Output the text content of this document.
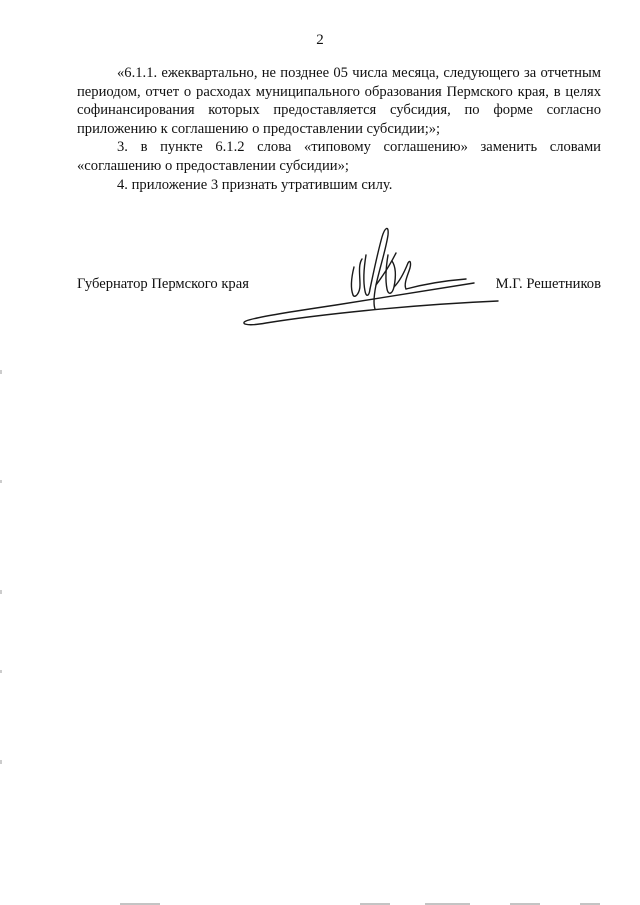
2

«6.1.1. ежеквартально, не позднее 05 числа месяца, следующего за отчетным периодом, отчет о расходах муниципального образования Пермского края, в целях софинансирования которых предоставляется субсидия, по форме согласно приложению к соглашению о предоставлении субсидии;»;

3. в пункте 6.1.2 слова «типовому соглашению» заменить словами «соглашению о предоставлении субсидии»;

4. приложение 3 признать утратившим силу.

Губернатор Пермского края	М.Г. Решетников
